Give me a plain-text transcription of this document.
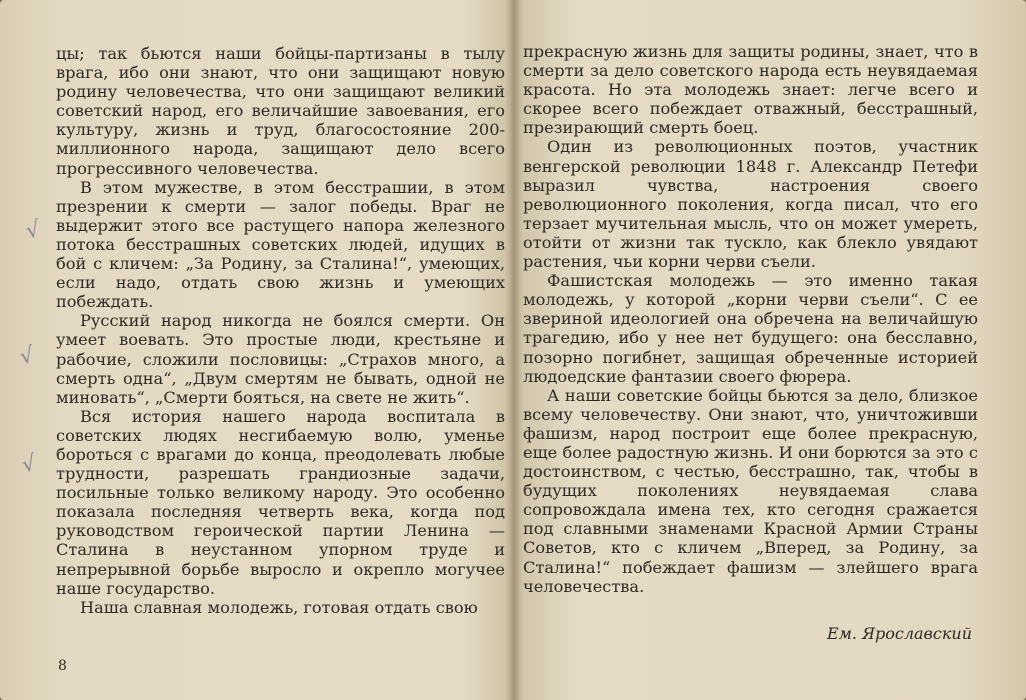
цы; так бьются наши бойцы-партизаны в тылу врага, ибо они знают, что они защищают новую родину человечества, что они защищают великий советский народ, его величайшие завоевания, его культуру, жизнь и труд, благосостояние 200-миллионного народа, защищают дело всего прогрессивного человечества.

В этом мужестве, в этом бесстрашии, в этом презрении к смерти — залог победы. Враг не выдержит этого все растущего напора железного потока бесстрашных советских людей, идущих в бой с кличем: „За Родину, за Сталина!“, умеющих, если надо, отдать свою жизнь и умеющих побеждать.

Русский народ никогда не боялся смерти. Он умеет воевать. Это простые люди, крестьяне и рабочие, сложили пословицы: „Страхов много, а смерть одна“, „Двум смертям не бывать, одной не миновать“, „Смерти бояться, на свете не жить“.

Вся история нашего народа воспитала в советских людях несгибаемую волю, уменье бороться с врагами до конца, преодолевать любые трудности, разрешать грандиозные задачи, посильные только великому народу. Это особенно показала последняя четверть века, когда под руководством героической партии Ленина — Сталина в неустанном упорном труде и непрерывной борьбе выросло и окрепло могучее наше государство.

Наша славная молодежь, готовая отдать свою

8
√
√
√

прекрасную жизнь для защиты родины, знает, что в смерти за дело советского народа есть неувядаемая красота. Но эта молодежь знает: легче всего и скорее всего побеждает отважный, бесстрашный, презирающий смерть боец.

Один из революционных поэтов, участник венгерской революции 1848 г. Александр Петефи выразил чувства, настроения своего революционного поколения, когда писал, что его терзает мучительная мысль, что он может умереть, отойти от жизни так тускло, как блекло увядают растения, чьи корни черви съели.

Фашистская молодежь — это именно такая молодежь, у которой „корни черви съели“. С ее звериной идеологией она обречена на величайшую трагедию, ибо у нее нет будущего: она бесславно, позорно погибнет, защищая обреченные историей людоедские фантазии своего фюрера.

А наши советские бойцы бьются за дело, близкое всему человечеству. Они знают, что, уничтоживши фашизм, народ построит еще более прекрасную, еще более радостную жизнь. И они борются за это с достоинством, с честью, бесстрашно, так, чтобы в будущих поколениях неувядаемая слава сопровождала имена тех, кто сегодня сражается под славными знаменами Красной Армии Страны Советов, кто с кличем „Вперед, за Родину, за Сталина!“ побеждает фашизм — злейшего врага человечества.

Ем. Ярославский
